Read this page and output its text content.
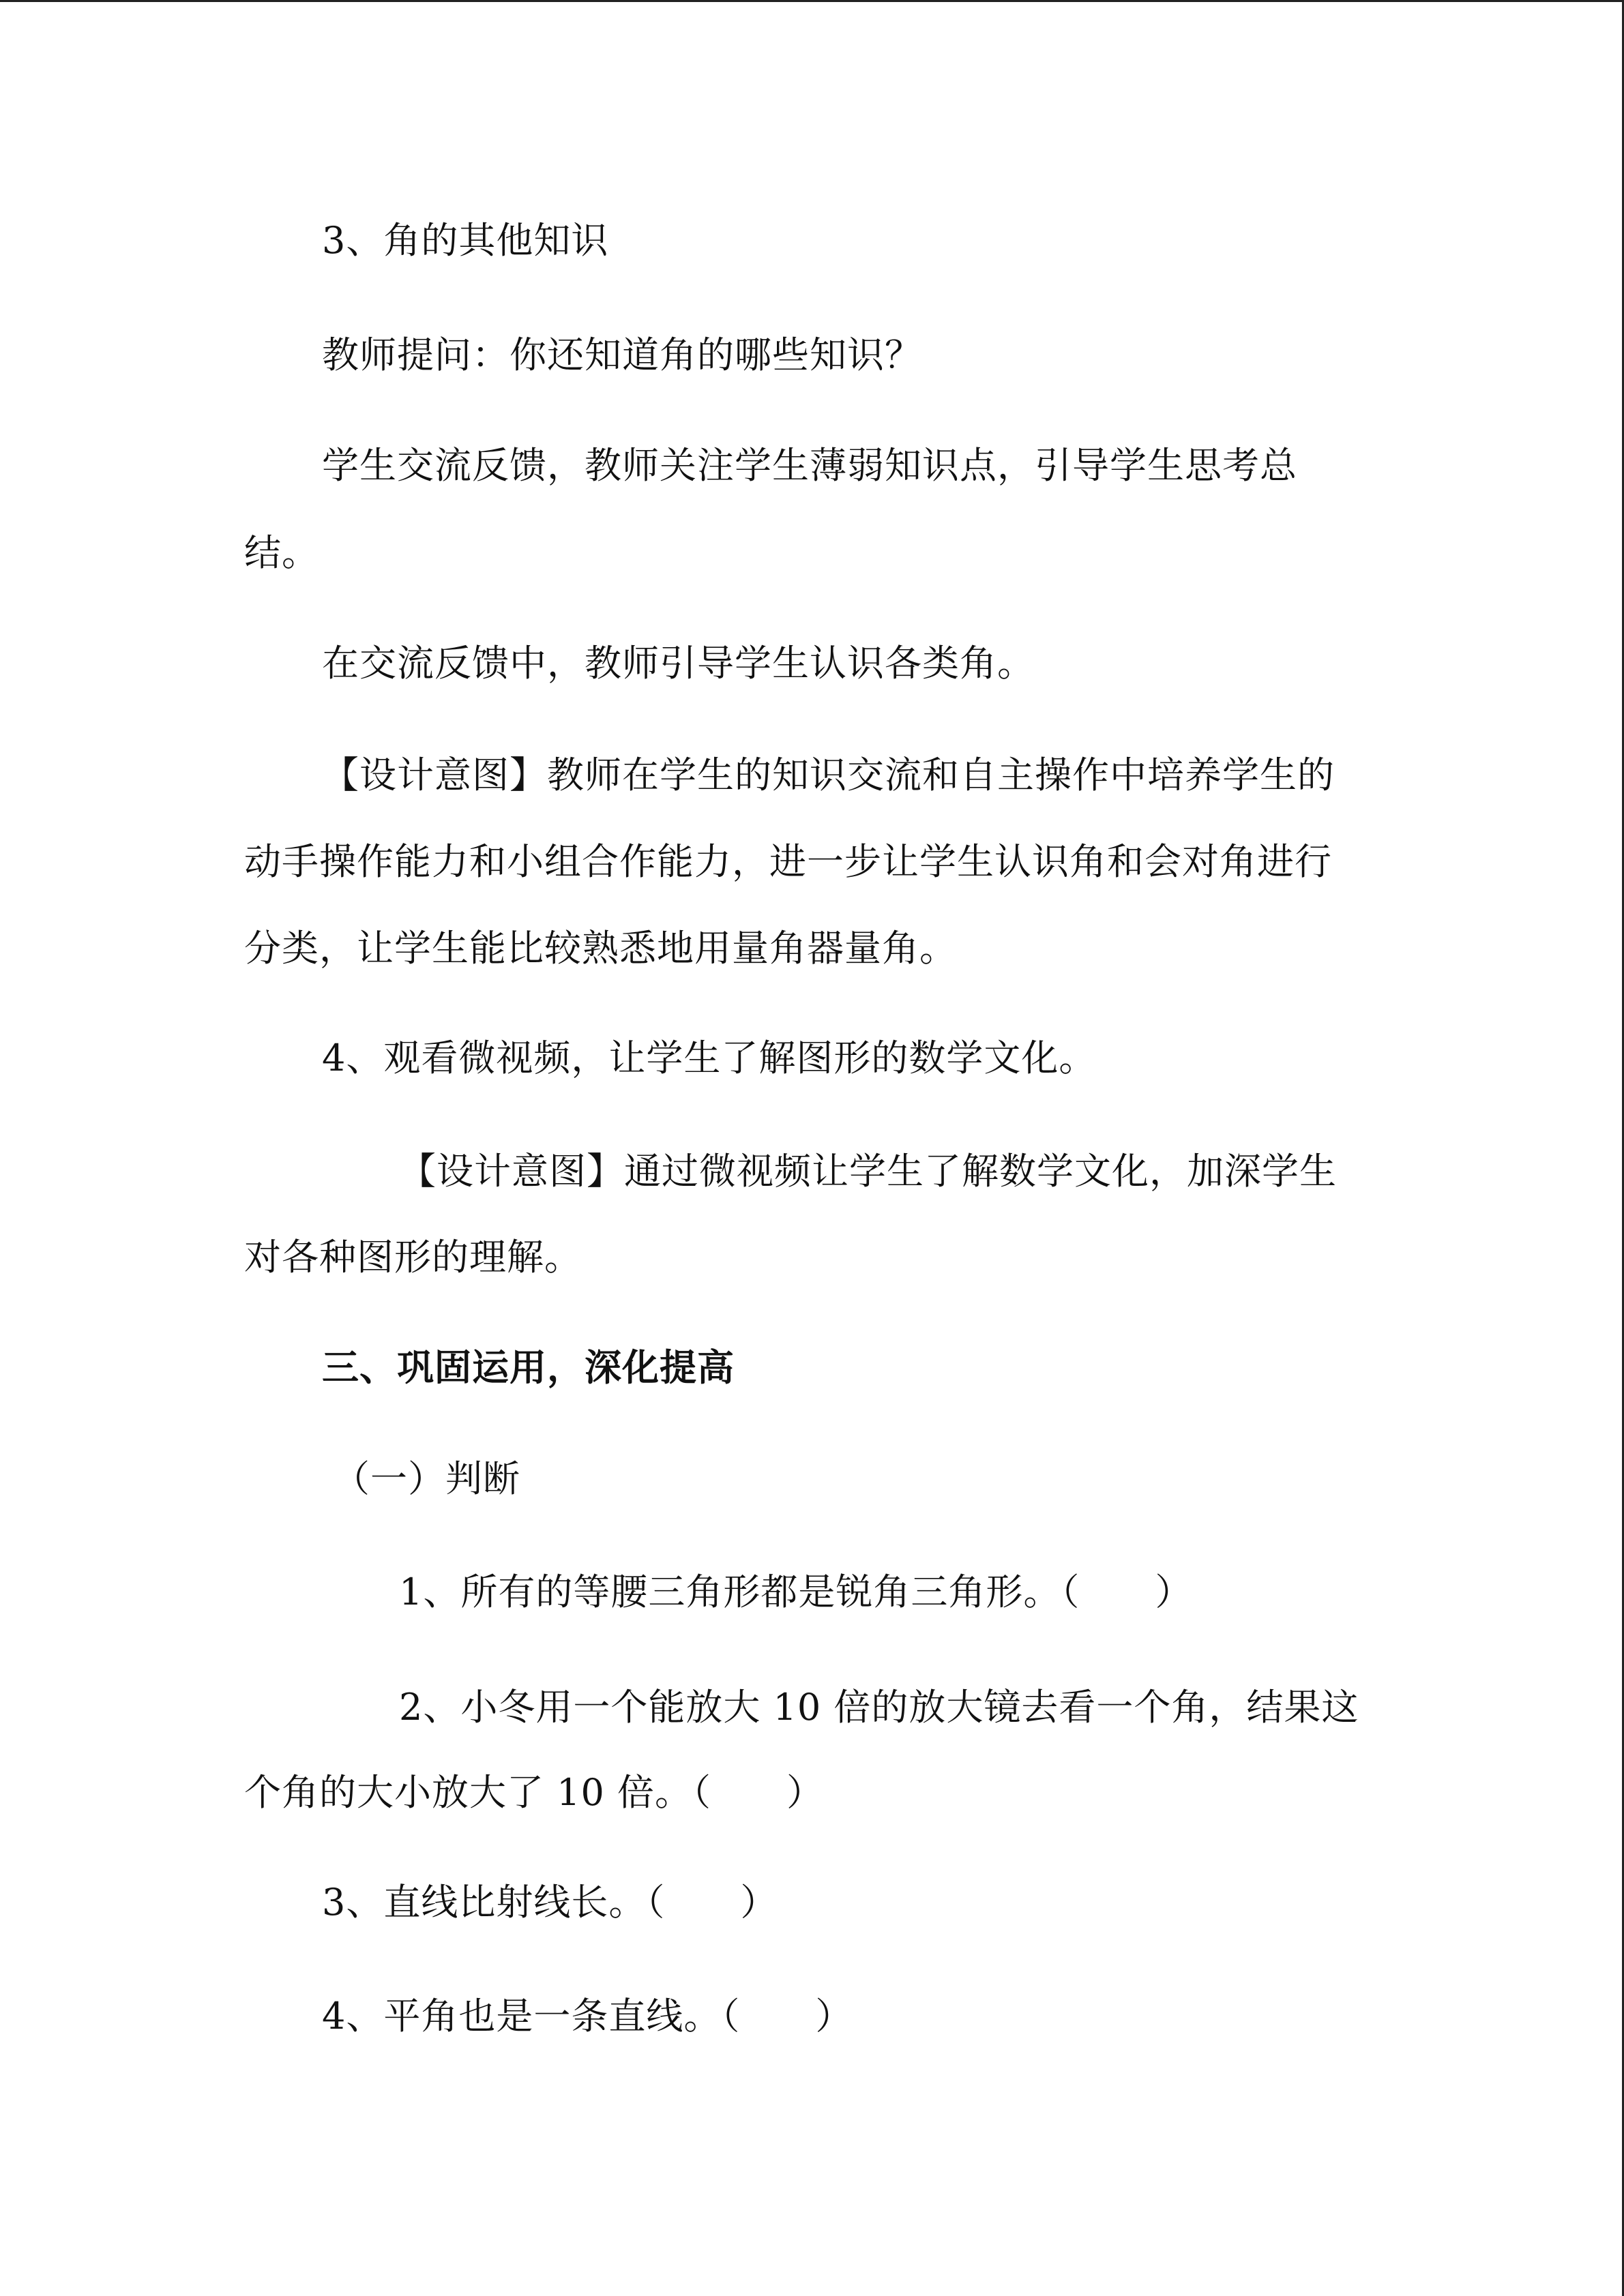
3、角的其他知识
教师提问：你还知道角的哪些知识？
学生交流反馈，教师关注学生薄弱知识点，引导学生思考总
结。
在交流反馈中，教师引导学生认识各类角。
【设计意图】教师在学生的知识交流和自主操作中培养学生的
动手操作能力和小组合作能力，进一步让学生认识角和会对角进行
分类，让学生能比较熟悉地用量角器量角。
4、观看微视频，让学生了解图形的数学文化。
【设计意图】通过微视频让学生了解数学文化，加深学生
对各种图形的理解。
三、巩固运用，深化提高
（一）判断
1、所有的等腰三角形都是锐角三角形。（　　）
2、小冬用一个能放大 10 倍的放大镜去看一个角，结果这
个角的大小放大了 10 倍。（　　）
3、直线比射线长。（　　）
4、平角也是一条直线。（　　）
